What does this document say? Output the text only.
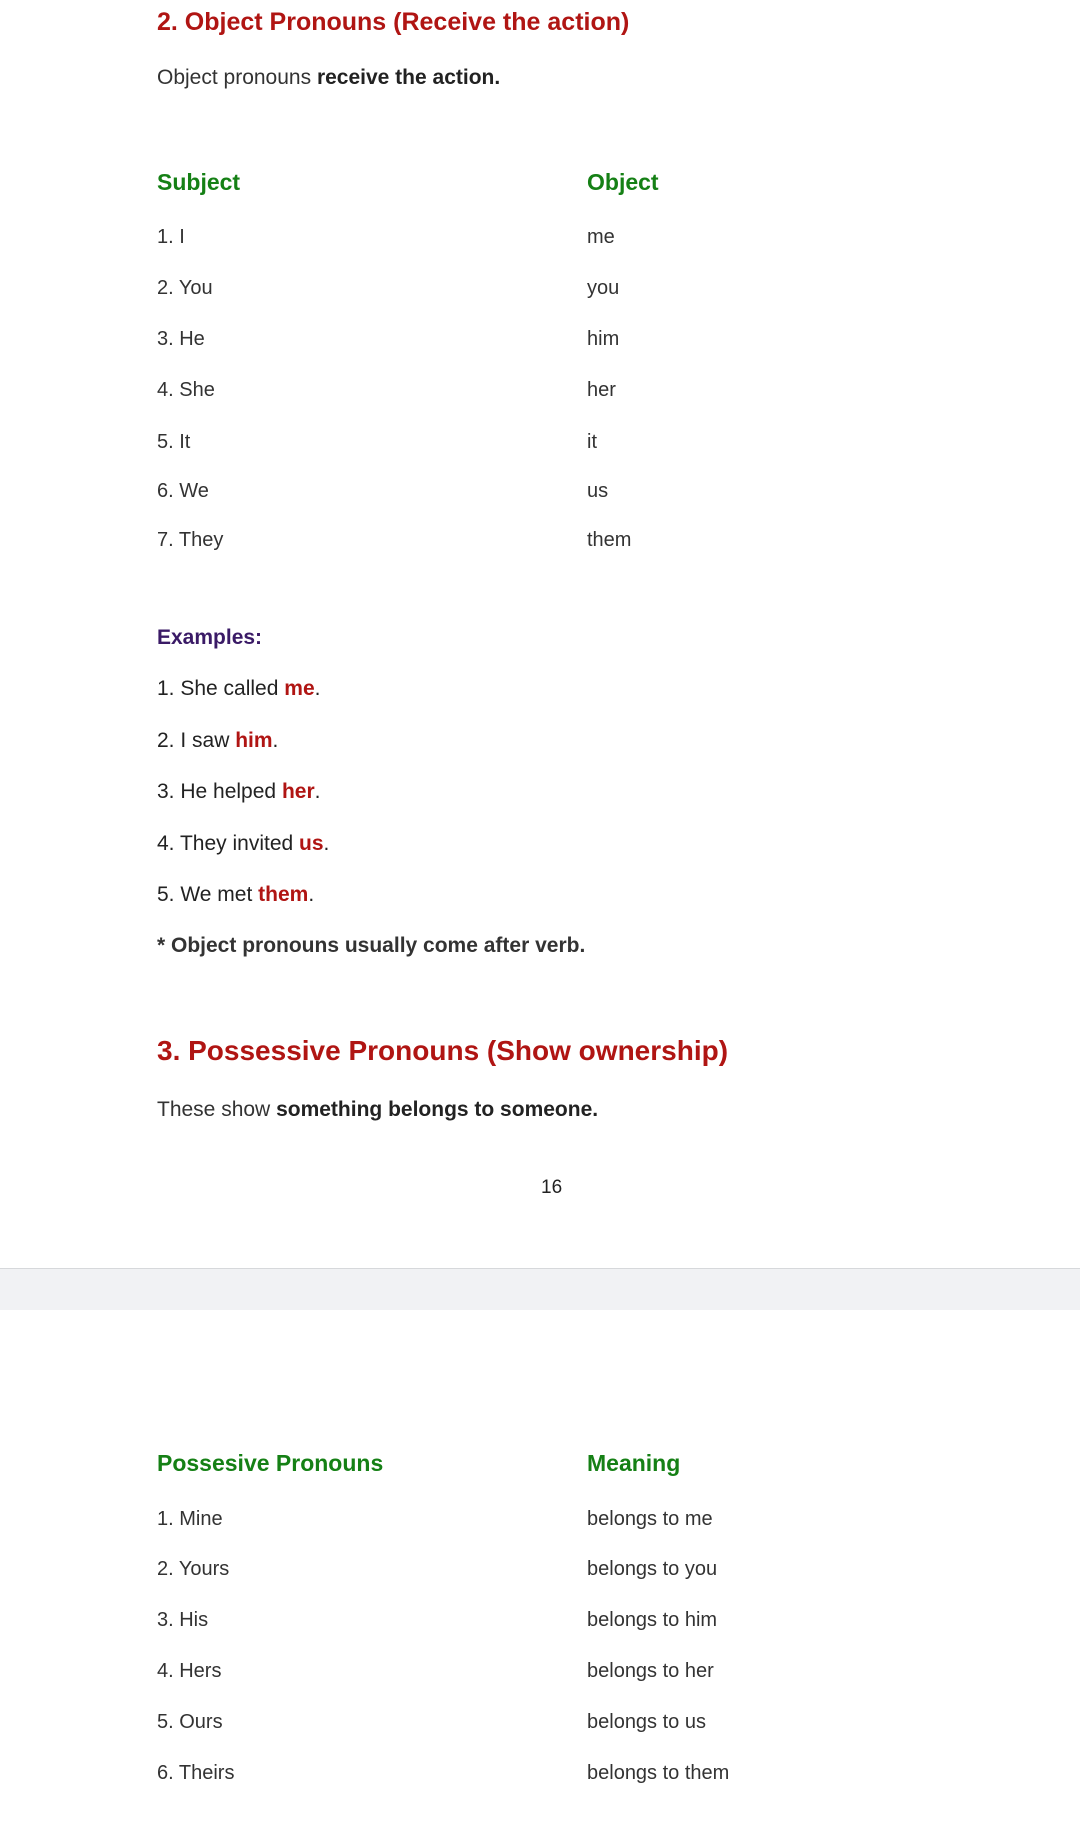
2. Object Pronouns (Receive the action)
Object pronouns receive the action.
Subject	Object
1. I	me
2. You	you
3. He	him
4. She	her
5. It	it
6. We	us
7. They	them
Examples:
1. She called me.
2. I saw him.
3. He helped her.
4. They invited us.
5. We met them.
* Object pronouns usually come after verb.
3. Possessive Pronouns (Show ownership)
These show something belongs to someone.
16
Possesive Pronouns	Meaning
1. Mine	belongs to me
2. Yours	belongs to you
3. His	belongs to him
4. Hers	belongs to her
5. Ours	belongs to us
6. Theirs	belongs to them
